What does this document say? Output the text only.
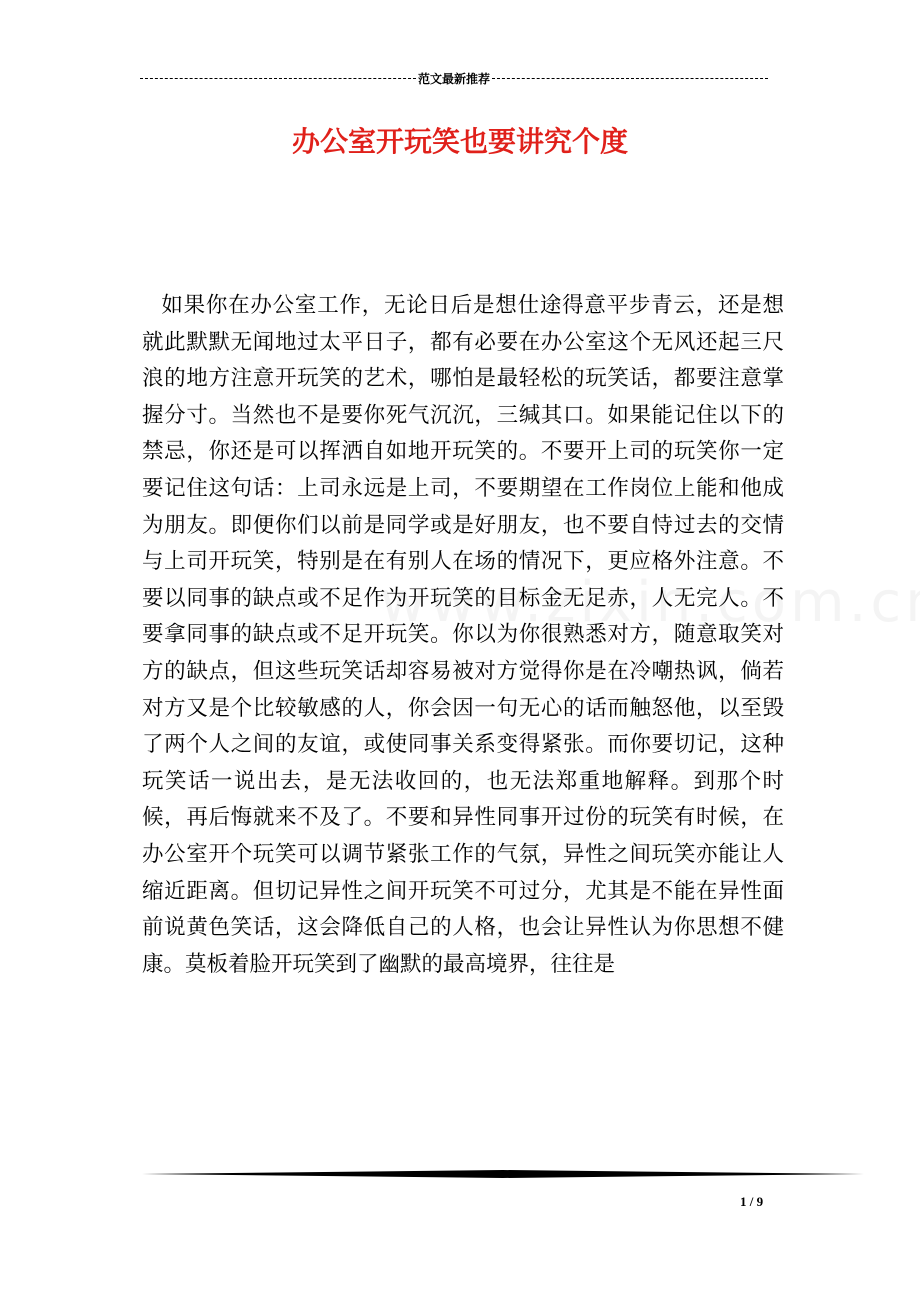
范文最新推荐
办公室开玩笑也要讲究个度

如果你在办公室工作，无论日后是想仕途得意平步青云，还是想就此默默无闻地过太平日子，都有必要在办公室这个无风还起三尺浪的地方注意开玩笑的艺术，哪怕是最轻松的玩笑话，都要注意掌握分寸。当然也不是要你死气沉沉，三缄其口。如果能记住以下的禁忌，你还是可以挥洒自如地开玩笑的。不要开上司的玩笑你一定要记住这句话：上司永远是上司，不要期望在工作岗位上能和他成为朋友。即便你们以前是同学或是好朋友，也不要自恃过去的交情与上司开玩笑，特别是在有别人在场的情况下，更应格外注意。不要以同事的缺点或不足作为开玩笑的目标金无足赤，人无完人。不要拿同事的缺点或不足开玩笑。你以为你很熟悉对方，随意取笑对方的缺点，但这些玩笑话却容易被对方觉得你是在冷嘲热讽，倘若对方又是个比较敏感的人，你会因一句无心的话而触怒他，以至毁了两个人之间的友谊，或使同事关系变得紧张。而你要切记，这种玩笑话一说出去，是无法收回的，也无法郑重地解释。到那个时候，再后悔就来不及了。不要和异性同事开过份的玩笑有时候，在办公室开个玩笑可以调节紧张工作的气氛，异性之间玩笑亦能让人缩近距离。但切记异性之间开玩笑不可过分，尤其是不能在异性面前说黄色笑话，这会降低自己的人格，也会让异性认为你思想不健康。莫板着脸开玩笑到了幽默的最高境界，往往是

1 / 9
